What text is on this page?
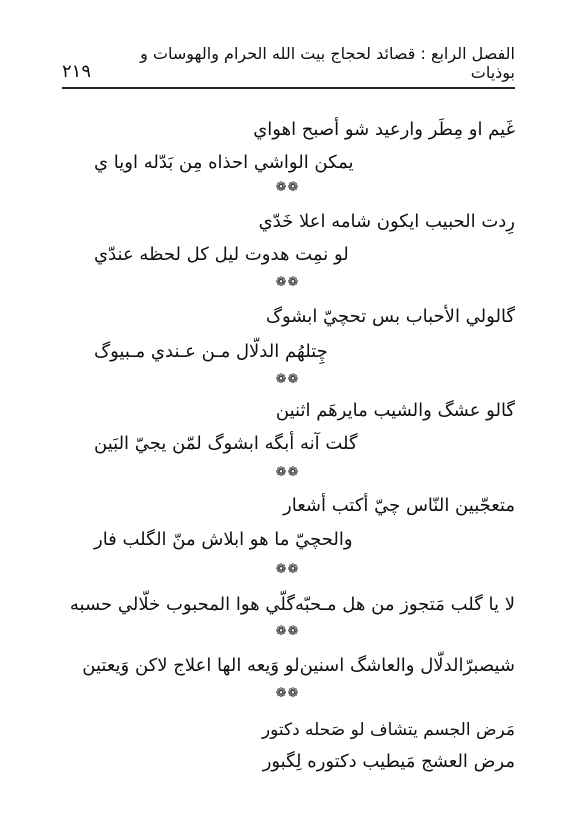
الفصل الرابع : قصائد لحجاج بيت الله الحرام والهوسات و بوذيات
٢١٩
غَيم او مِطَر وارعيد شو أصبح اهواي
يمكن الواشي احذاه مِن بَدّله اويا ي
❁❁
رِدت الحبيب ايكون شامه اعلا خَدّي
لو نمِت هدوت ليل كل لحظه عندّي
❁❁
گالولي الأحباب بس تحچيّ ابشوگ
چِتلهُم الدلّال مـن عـندي مـبيوگ
❁❁
گالو عشگ والشيب مايرهَم اثنين
گلت آنه أبگه ابشوگ لمّن يجيّ البَين
❁❁
متعجّبين النّاس چيّ أكتب أشعار
والحچيّ ما هو ابلاش منّ الگلب فار
❁❁
لا يا گلب مَتجوز من هل مـحبّه
گلّي هوا المحبوب خلّالي حسبه
❁❁
شيصبرّالدلّال والعاشگ اسنين
لو وَيعه الها اعلاج لاكن وَيعتين
❁❁
مَرض الجسم يتشاف لو صَحله دكتور
مرض العشج مَيطيب دكتوره لِگبور
